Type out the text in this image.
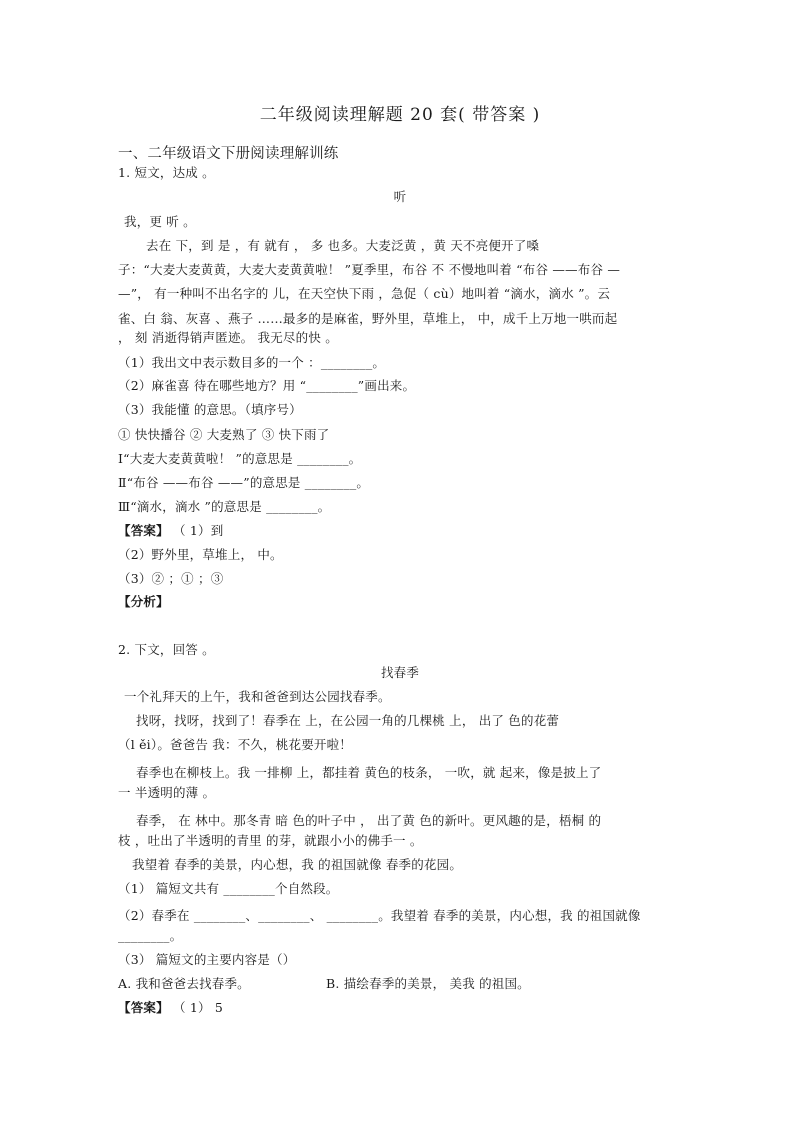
二年级阅读理解题 20 套( 带答案 )
一、二年级语文下册阅读理解训练
1. 短文，达成 。
听
我，更 听 。
去在 下，到 是 ，有 就有 ， 多 也多。大麦泛黄 ，黄 天不亮便开了嗓
子：“大麦大麦黄黄，大麦大麦黄黄啦！ ”夏季里，布谷 不 不慢地叫着 “布谷 ——布谷 —
—”， 有一种叫不出名字的 儿，在天空快下雨 ，急促（ cù）地叫着 “滴水，滴水 ”。云
雀、白 翁、灰喜 、燕子 ……最多的是麻雀，野外里，草堆上， 中，成千上万地一哄而起
， 刻 消逝得销声匿迹。 我无尽的快 。
（1）我出文中表示数目多的一个 ：________。
（2）麻雀喜 待在哪些地方？用 “________”画出来。
（3）我能懂 的意思。（填序号）
① 快快播谷 ② 大麦熟了 ③ 快下雨了
Ⅰ“大麦大麦黄黄啦！ ”的意思是 ________。
Ⅱ“布谷 ——布谷 ——”的意思是 ________。
Ⅲ“滴水，滴水 ”的意思是 ________。
【答案】 （ 1）到
（2）野外里，草堆上， 中。
（3）② ；① ；③
【分析】
2. 下文，回答 。
找春季
一个礼拜天的上午，我和爸爸到达公园找春季。
找呀，找呀，找到了！春季在 上，在公园一角的几棵桃 上， 出了 色的花蕾
（l ěi）。爸爸告 我：不久，桃花要开啦！
春季也在柳枝上。我 一排柳 上，都挂着 黄色的枝条， 一吹，就 起来，像是披上了
一 半透明的薄 。
春季， 在 林中。那冬青 暗 色的叶子中 ， 出了黄 色的新叶。更风趣的是，梧桐 的
枝 ，吐出了半透明的青里 的芽，就跟小小的佛手一 。
我望着 春季的美景，内心想，我 的祖国就像 春季的花园。
（1） 篇短文共有 ________个自然段。
（2）春季在 ________、________、 ________。我望着 春季的美景，内心想，我 的祖国就像
________。
（3） 篇短文的主要内容是（）
A. 我和爸爸去找春季。	B. 描绘春季的美景， 美我 的祖国。
【答案】 （ 1） 5
